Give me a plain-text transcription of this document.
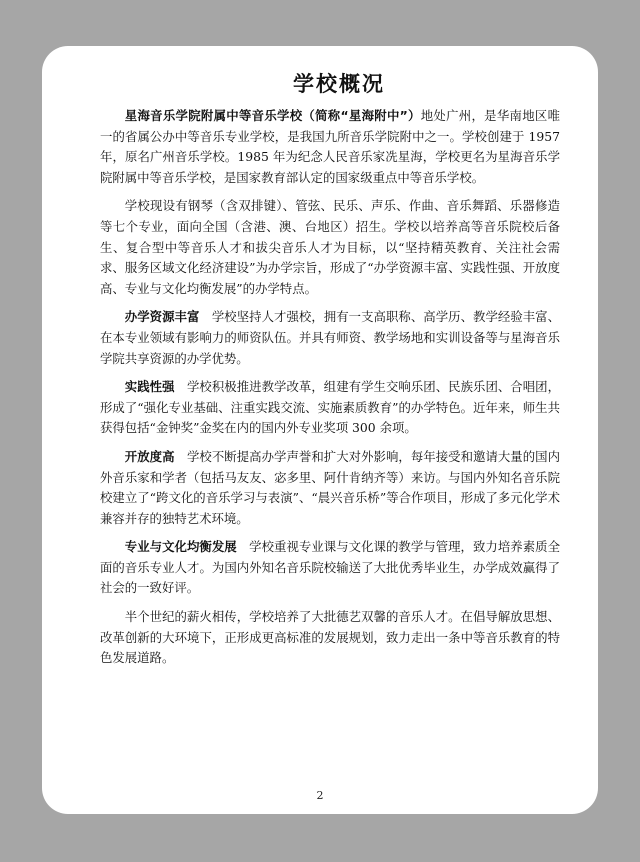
学校概况

星海音乐学院附属中等音乐学校（简称“星海附中”）地处广州，是华南地区唯一的省属公办中等音乐专业学校，是我国九所音乐学院附中之一。学校创建于 1957 年，原名广州音乐学校。1985 年为纪念人民音乐家冼星海，学校更名为星海音乐学院附属中等音乐学校，是国家教育部认定的国家级重点中等音乐学校。

学校现设有钢琴（含双排键）、管弦、民乐、声乐、作曲、音乐舞蹈、乐器修造等七个专业，面向全国（含港、澳、台地区）招生。学校以培养高等音乐院校后备生、复合型中等音乐人才和拔尖音乐人才为目标，以“坚持精英教育、关注社会需求、服务区域文化经济建设”为办学宗旨，形成了“办学资源丰富、实践性强、开放度高、专业与文化均衡发展”的办学特点。

办学资源丰富　学校坚持人才强校，拥有一支高职称、高学历、教学经验丰富、在本专业领域有影响力的师资队伍。并具有师资、教学场地和实训设备等与星海音乐学院共享资源的办学优势。

实践性强　学校积极推进教学改革，组建有学生交响乐团、民族乐团、合唱团，形成了“强化专业基础、注重实践交流、实施素质教育”的办学特色。近年来，师生共获得包括“金钟奖”金奖在内的国内外专业奖项 300 余项。

开放度高　学校不断提高办学声誉和扩大对外影响，每年接受和邀请大量的国内外音乐家和学者（包括马友友、宓多里、阿什肯纳齐等）来访。与国内外知名音乐院校建立了“跨文化的音乐学习与表演”、“晨兴音乐桥”等合作项目，形成了多元化学术兼容并存的独特艺术环境。

专业与文化均衡发展　学校重视专业课与文化课的教学与管理，致力培养素质全面的音乐专业人才。为国内外知名音乐院校输送了大批优秀毕业生，办学成效赢得了社会的一致好评。

半个世纪的薪火相传，学校培养了大批德艺双馨的音乐人才。在倡导解放思想、改革创新的大环境下，正形成更高标准的发展规划，致力走出一条中等音乐教育的特色发展道路。

2
